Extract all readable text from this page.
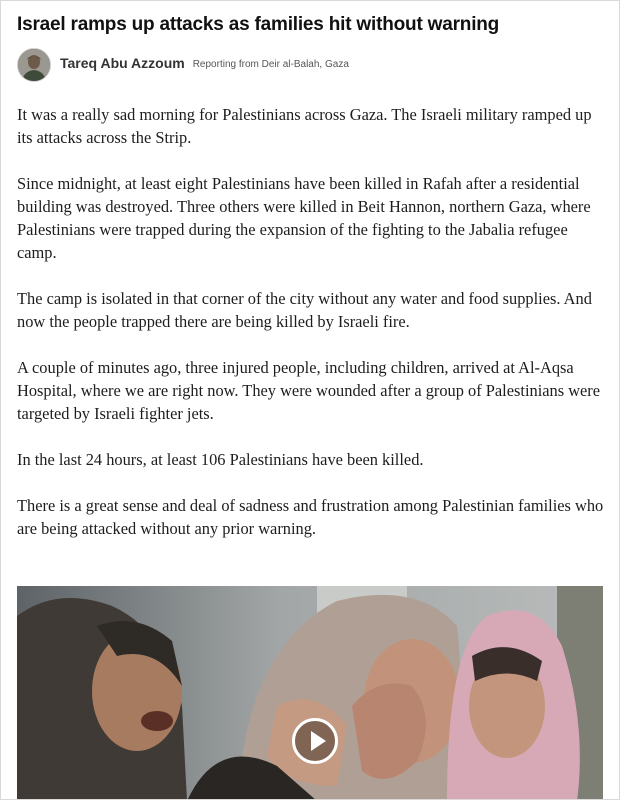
Israel ramps up attacks as families hit without warning
Tareq Abu Azzoum Reporting from Deir al-Balah, Gaza

It was a really sad morning for Palestinians across Gaza. The Israeli military ramped up its attacks across the Strip.

Since midnight, at least eight Palestinians have been killed in Rafah after a residential building was destroyed. Three others were killed in Beit Hannon, northern Gaza, where Palestinians were trapped during the expansion of the fighting to the Jabalia refugee camp.

The camp is isolated in that corner of the city without any water and food supplies. And now the people trapped there are being killed by Israeli fire.

A couple of minutes ago, three injured people, including children, arrived at Al-Aqsa Hospital, where we are right now. They were wounded after a group of Palestinians were targeted by Israeli fighter jets.

In the last 24 hours, at least 106 Palestinians have been killed.

There is a great sense and deal of sadness and frustration among Palestinian families who are being attacked without any prior warning.
